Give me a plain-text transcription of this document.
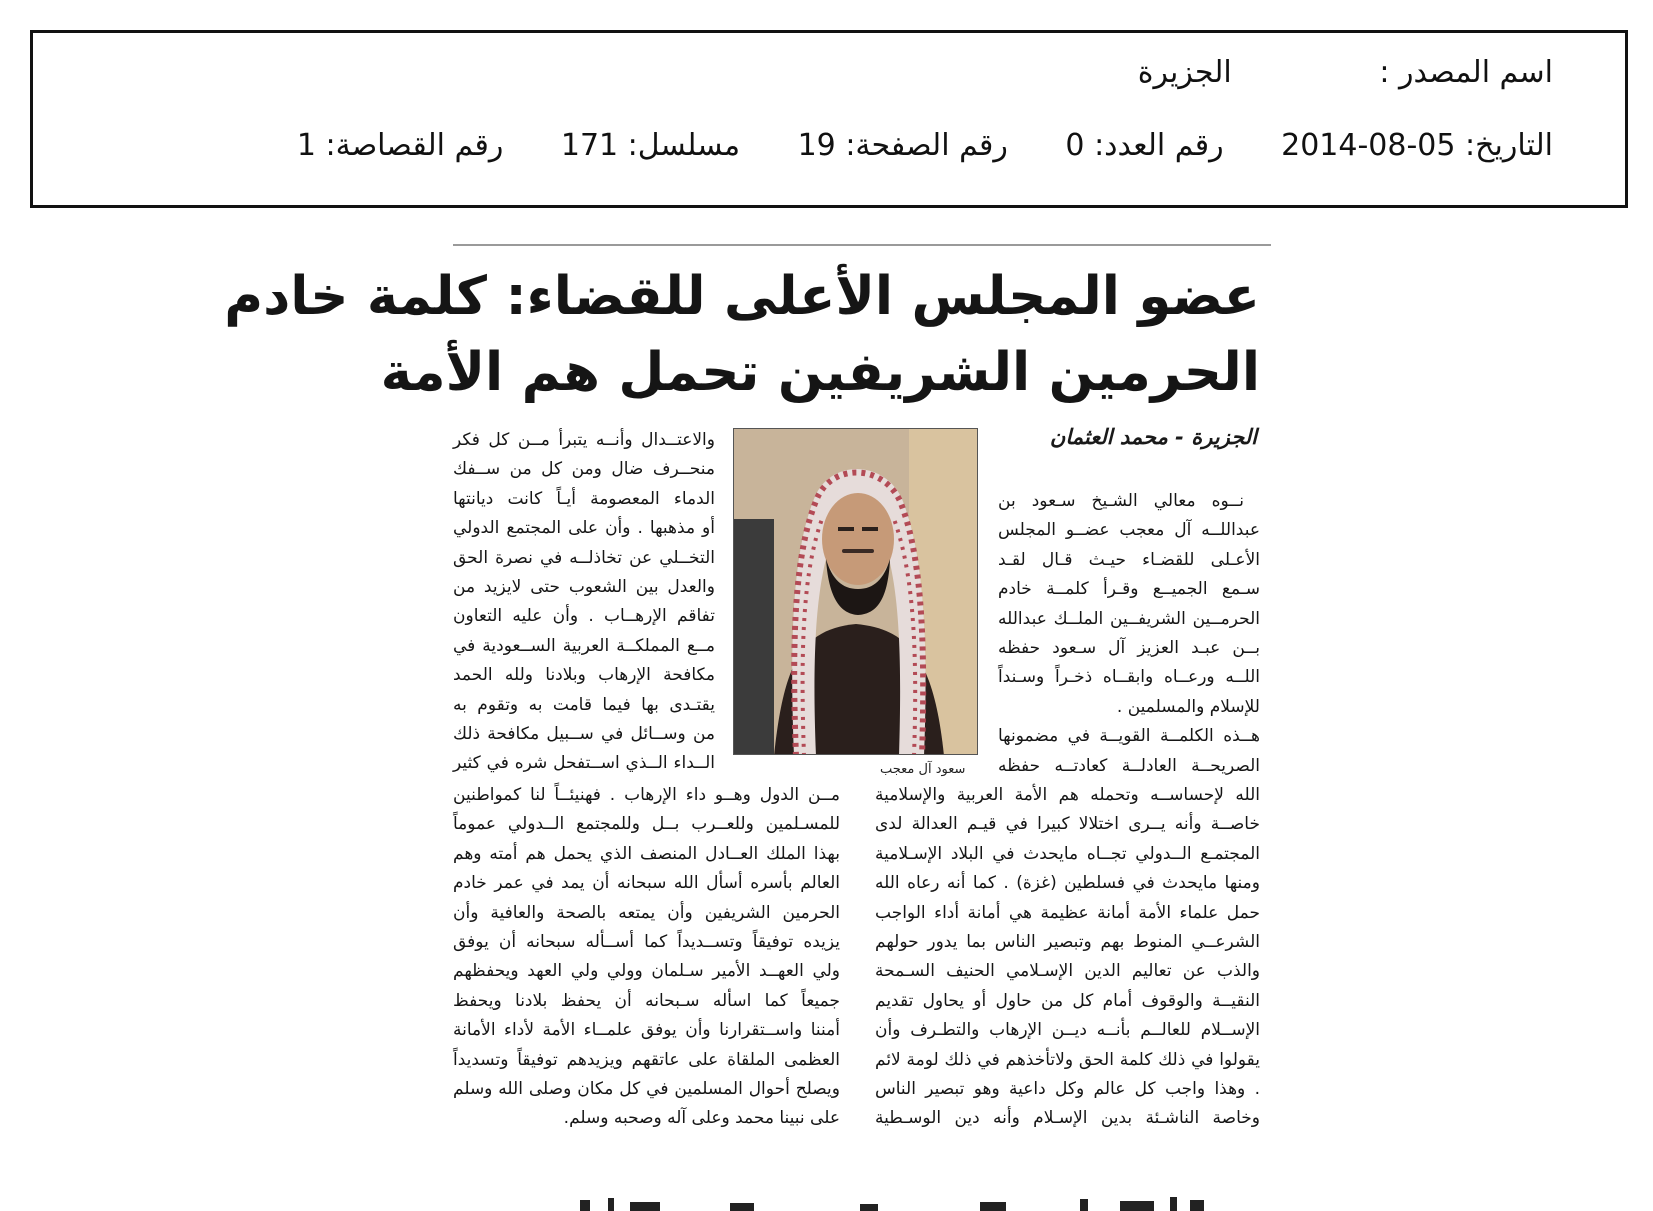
اسم المصدر : الجزيرة
التاريخ: 2014-08-05 رقم العدد: 0 رقم الصفحة: 19 مسلسل: 171 رقم القصاصة: 1
عضو المجلس الأعلى للقضاء: كلمة خادم
الحرمين الشريفين تحمل هم الأمة
الجزيرة - محمد العثمان
سعود آل معجب

نــوه معالي الشـيخ سـعود بن

عبداللــه آل معجب عضــو المجلس

الأعـلى للقضـاء حيـث قـال لقـد

سـمع الجميــع وقـرأ كلمــة خادم

الحرمــين الشريفــين الملــك عبدالله

بــن عبـد العزيز آل سـعود حفظه

اللــه ورعــاه وابقــاه ذخـراً وسـنداً

للإسلام والمسلمين .

هــذه الكلمــة القويــة في مضمونها

الصريحــة العادلــة كعادتــه حفظه

الله لإحساســه وتحمله هم الأمة العربية والإسلامية

خاصــة وأنه يــرى اختلالا كبيرا في قيـم العدالة لدى

المجتمـع الــدولي تجــاه مايحدث في البلاد الإسـلامية

ومنها مايحدث في فسلطين (غزة) . كما أنه رعاه الله

حمل علماء الأمة أمانة عظيمة هي أمانة أداء الواجب

الشرعــي المنوط بهم وتبصير الناس بما يدور حولهم

والذب عن تعاليم الدين الإسـلامي الحنيف السـمحة

النقيــة والوقوف أمام كل من حاول أو يحاول تقديم

الإســلام للعالــم بأنــه ديــن الإرهاب والتطـرف وأن

يقولوا في ذلك كلمة الحق ولاتأخذهم في ذلك لومة لائم

. وهذا واجب كل عالم وكل داعية وهو تبصير الناس

وخاصة الناشـئة بدين الإسـلام وأنه دين الوسـطية

والاعتــدال وأنــه يتبرأ مــن كل فكر

منحــرف ضال ومن كل من ســفك

الدماء المعصومة أيـاً كانت ديانتها

أو مذهبها . وأن على المجتمع الدولي

التخــلي عن تخاذلــه في نصرة الحق

والعدل بين الشعوب حتى لايزيد من

تفاقم الإرهــاب . وأن عليه التعاون

مــع المملكــة العربية الســعودية في

مكافحة الإرهاب وبلادنا ولله الحمد

يقتـدى بها فيما قامت به وتقوم به

من وســائل في ســبيل مكافحة ذلك

الــداء الــذي اســتفحل شره في كثير

مــن الدول وهــو داء الإرهاب . فهنيئــاً لنا كمواطنين

للمسـلمين وللعــرب بــل وللمجتمع الــدولي عموماً

بهذا الملك العــادل المنصف الذي يحمل هم أمته وهم

العالم بأسره أسأل الله سبحانه أن يمد في عمر خادم

الحرمين الشريفين وأن يمتعه بالصحة والعافية وأن

يزيده توفيقاً وتســديداً كما أســأله سبحانه أن يوفق

ولي العهــد الأمير سـلمان وولي ولي العهد ويحفظهم

جميعاً كما اسأله سـبحانه أن يحفظ بلادنا ويحفظ

أمننا واســتقرارنا وأن يوفق علمــاء الأمة لأداء الأمانة

العظمى الملقاة على عاتقهم ويزيدهم توفيقاً وتسديداً

ويصلح أحوال المسلمين في كل مكان وصلى الله وسلم

على نبينا محمد وعلى آله وصحبه وسلم.
